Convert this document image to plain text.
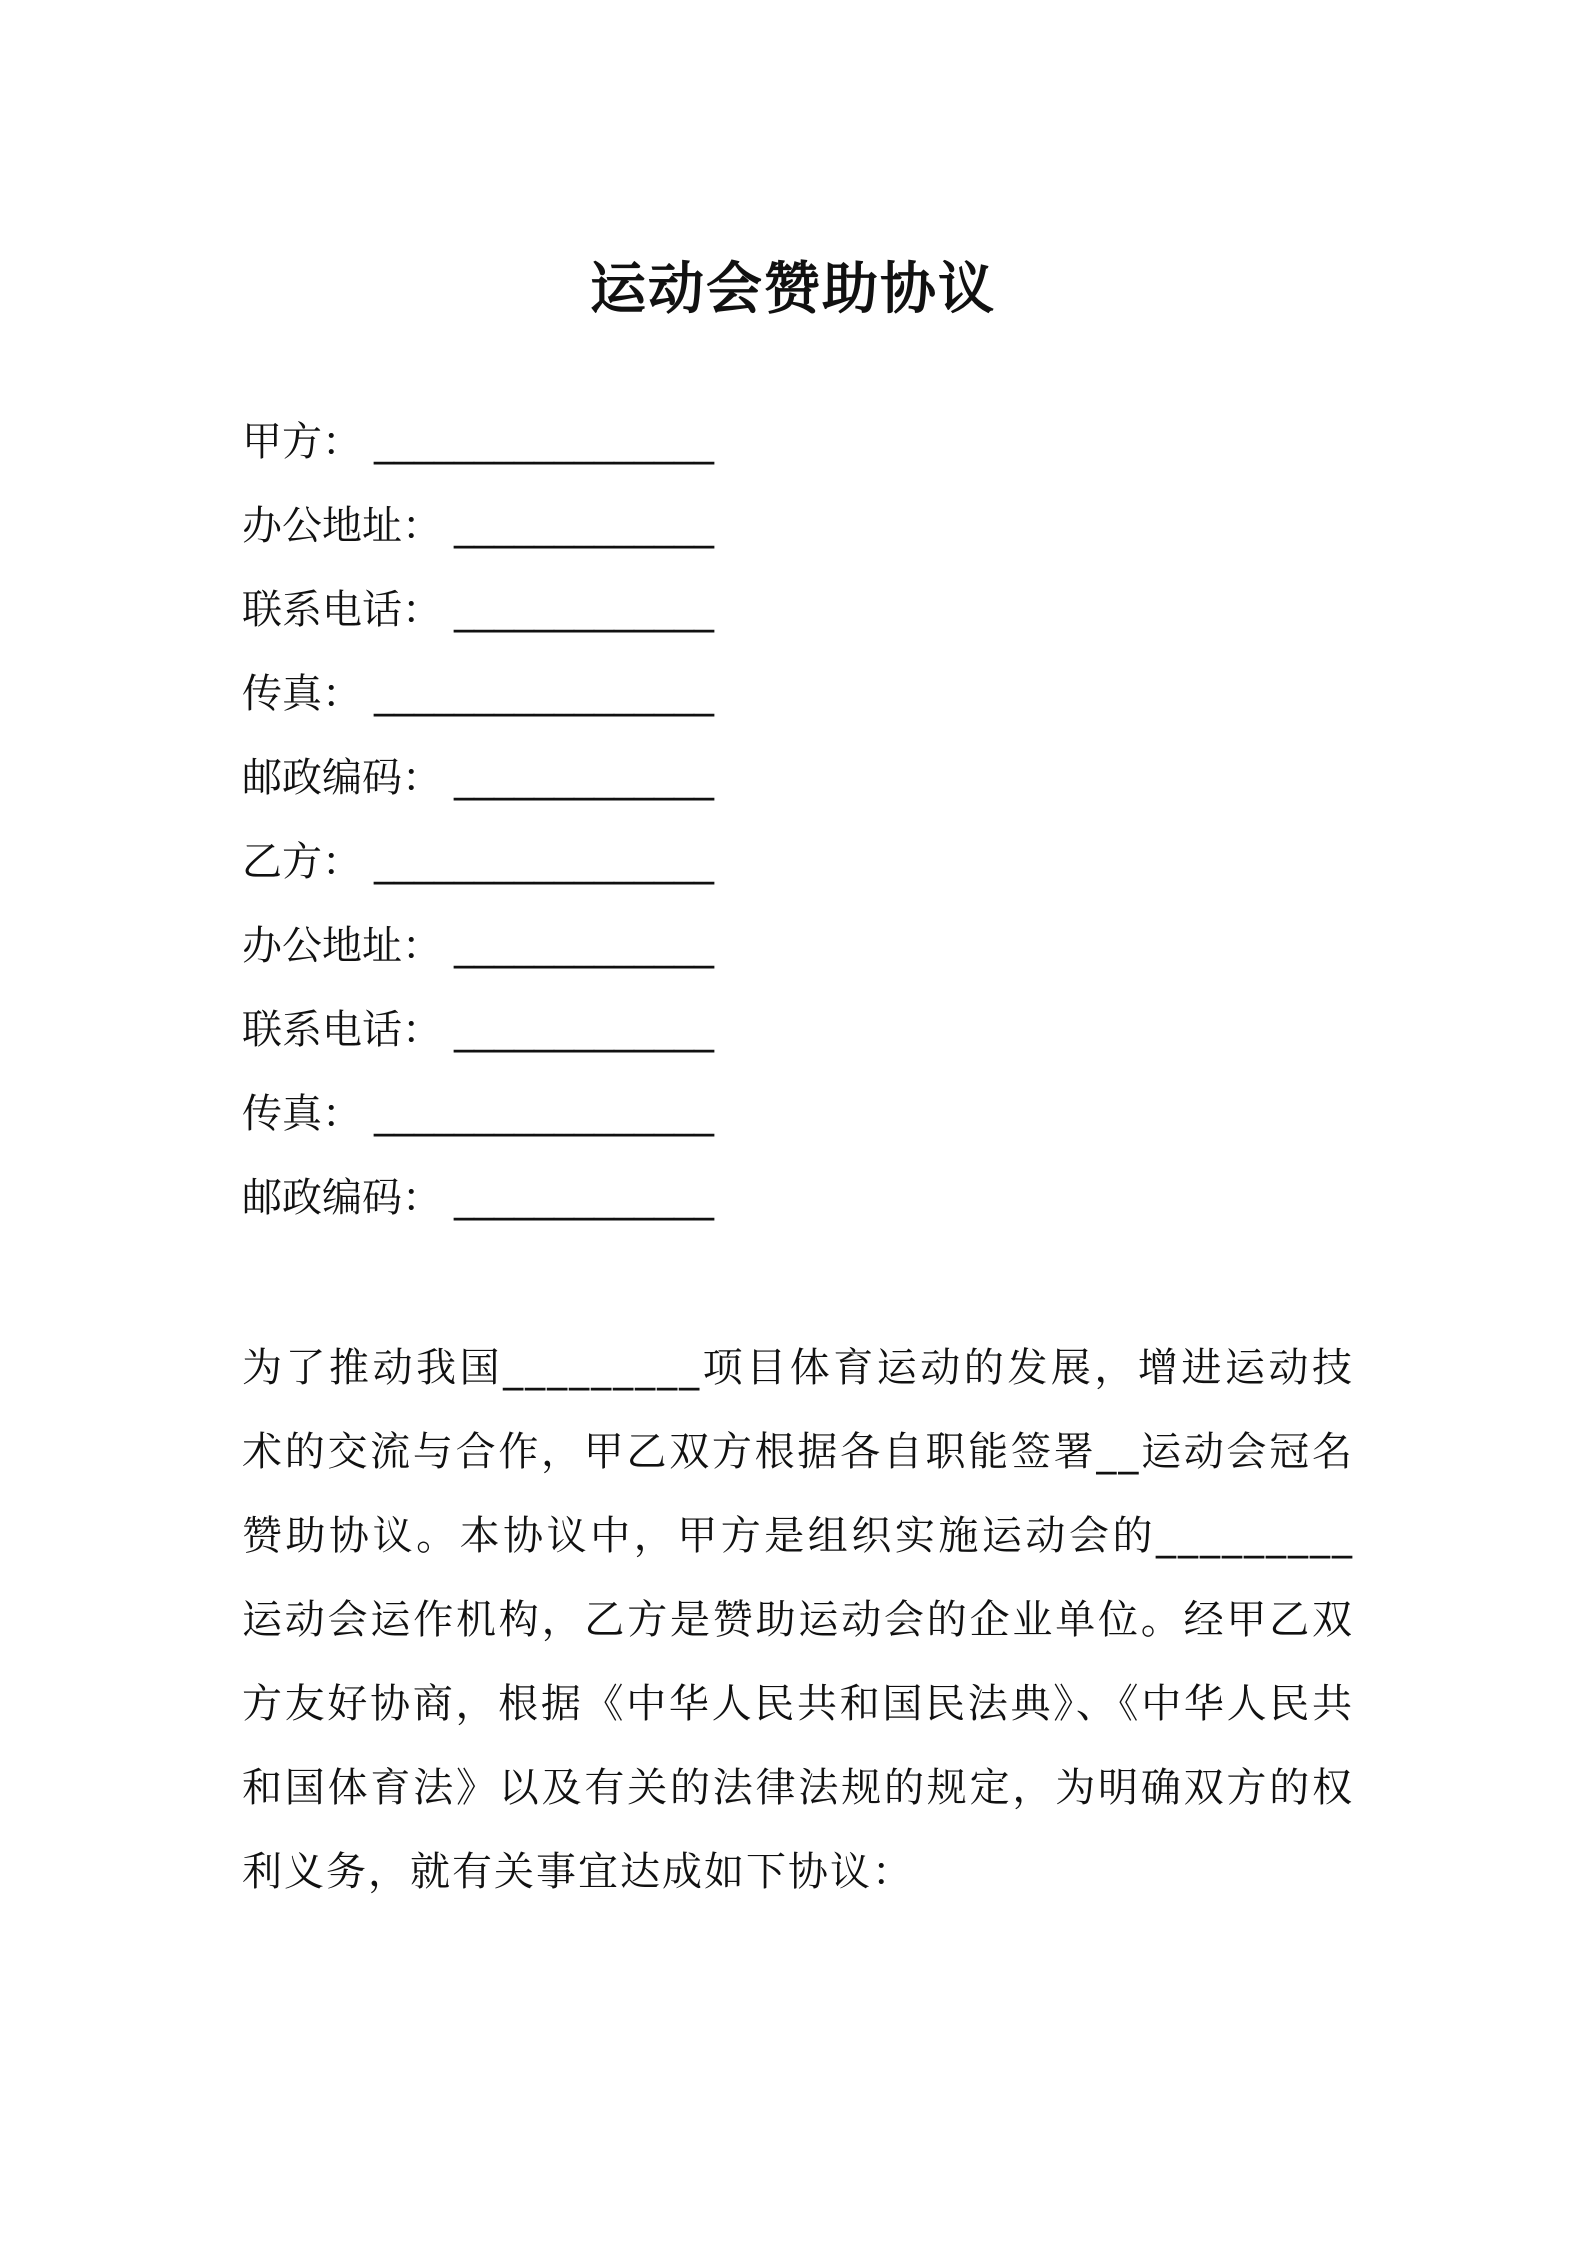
运动会赞助协议
甲方： _________________
办公地址： _____________
联系电话： _____________
传真： _________________
邮政编码： _____________
乙方： _________________
办公地址： _____________
联系电话： _____________
传真： _________________
邮政编码： _____________

为了推动我国_________项目体育运动的发展，增进运动技术的交流与合作，甲乙双方根据各自职能签署__运动会冠名赞助协议。本协议中，甲方是组织实施运动会的_________运动会运作机构，乙方是赞助运动会的企业单位。经甲乙双方友好协商，根据《中华人民共和国民法典》、《中华人民共和国体育法》以及有关的法律法规的规定，为明确双方的权利义务，就有关事宜达成如下协议：
